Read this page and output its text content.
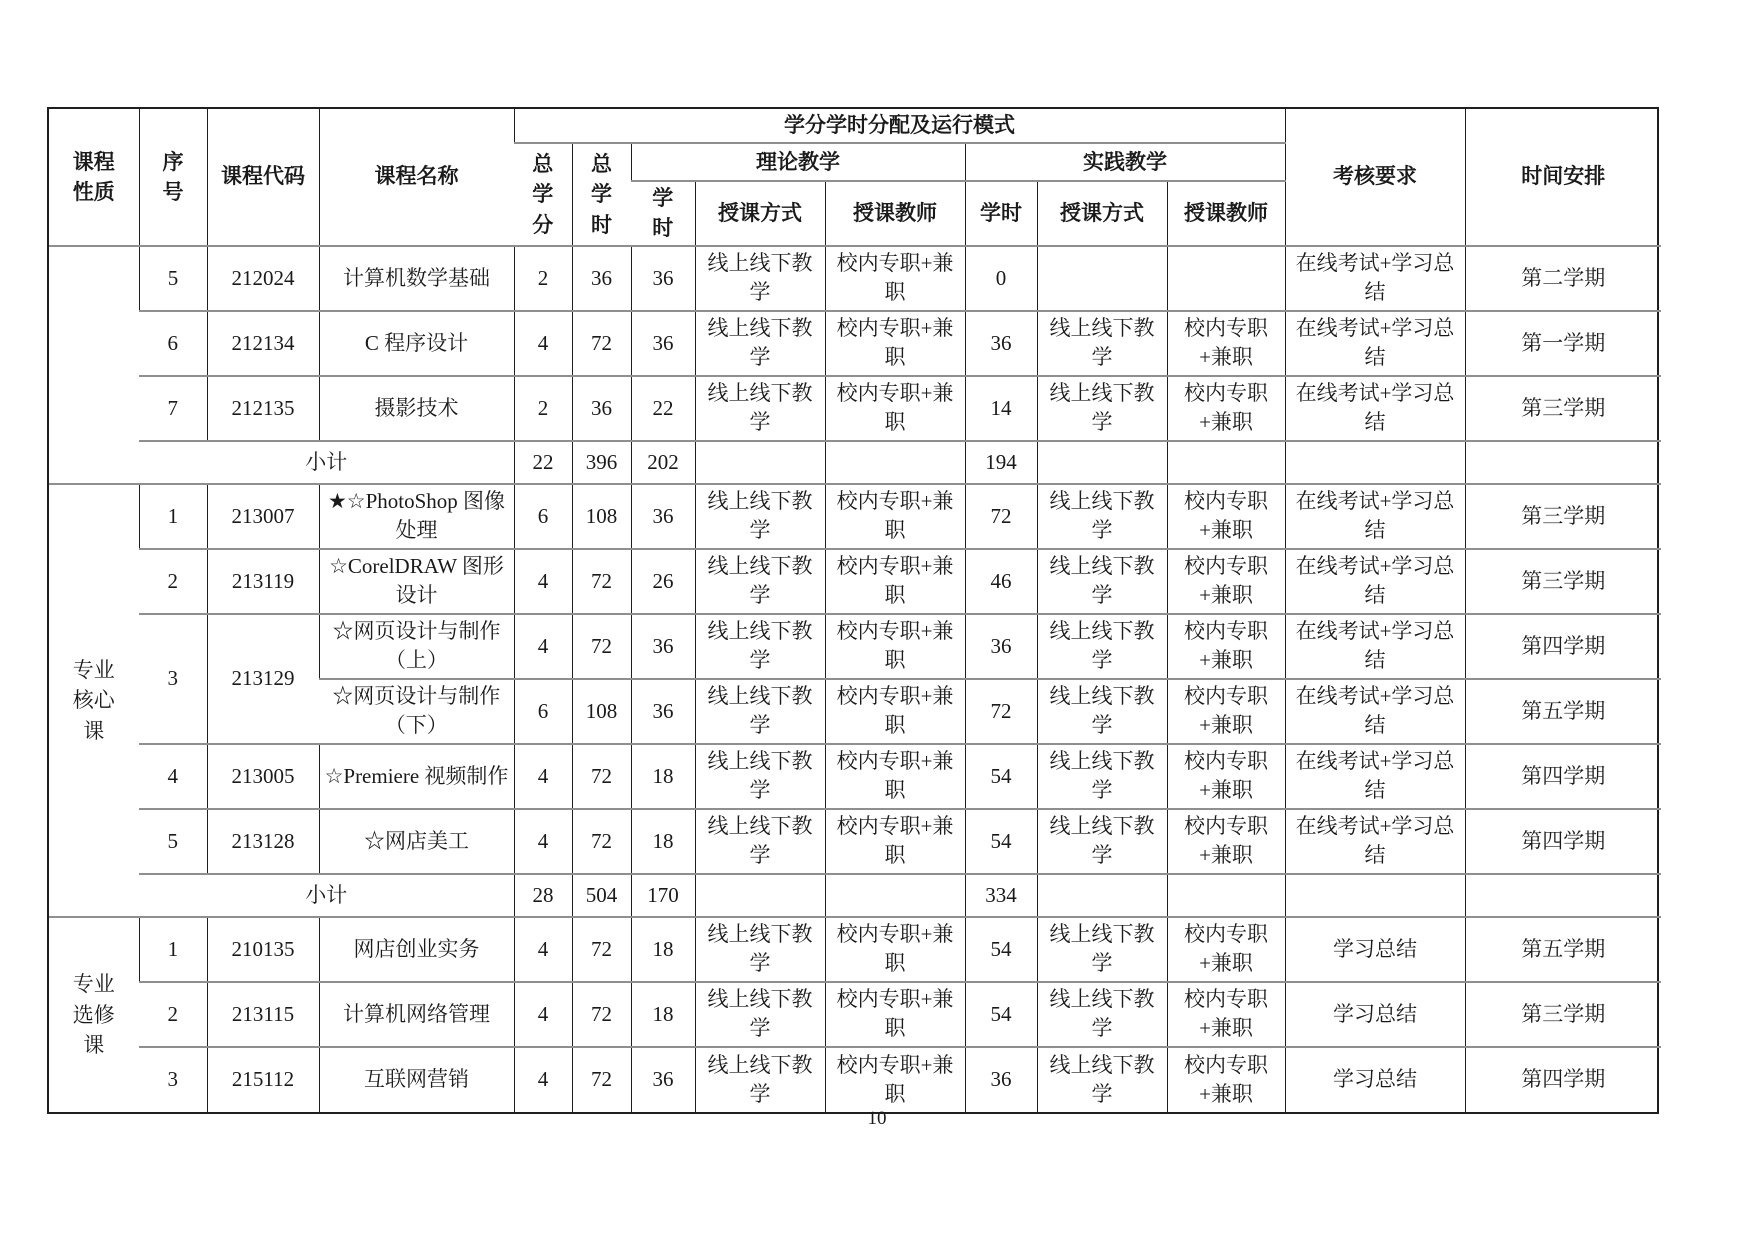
课程性质	序号	课程代码	课程名称	学分学时分配及运行模式								考核要求	时间安排
				总学分	总学时	理论教学			实践教学				
						学时	授课方式	授课教师	学时	授课方式	授课教师		
	5	212024	计算机数学基础	2	36	36	线上线下教学	校内专职+兼职	0			在线考试+学习总结	第二学期
	6	212134	C 程序设计	4	72	36	线上线下教学	校内专职+兼职	36	线上线下教学	校内专职+兼职	在线考试+学习总结	第一学期
	7	212135	摄影技术	2	36	22	线上线下教学	校内专职+兼职	14	线上线下教学	校内专职+兼职	在线考试+学习总结	第三学期
	小计			22	396	202			194				
专业核心课	1	213007	★☆PhotoShop 图像处理	6	108	36	线上线下教学	校内专职+兼职	72	线上线下教学	校内专职+兼职	在线考试+学习总结	第三学期
	2	213119	☆CorelDRAW 图形设计	4	72	26	线上线下教学	校内专职+兼职	46	线上线下教学	校内专职+兼职	在线考试+学习总结	第三学期
	3	213129	☆网页设计与制作（上）	4	72	36	线上线下教学	校内专职+兼职	36	线上线下教学	校内专职+兼职	在线考试+学习总结	第四学期
			☆网页设计与制作（下）	6	108	36	线上线下教学	校内专职+兼职	72	线上线下教学	校内专职+兼职	在线考试+学习总结	第五学期
	4	213005	☆Premiere 视频制作	4	72	18	线上线下教学	校内专职+兼职	54	线上线下教学	校内专职+兼职	在线考试+学习总结	第四学期
	5	213128	☆网店美工	4	72	18	线上线下教学	校内专职+兼职	54	线上线下教学	校内专职+兼职	在线考试+学习总结	第四学期
	小计			28	504	170			334				
专业选修课	1	210135	网店创业实务	4	72	18	线上线下教学	校内专职+兼职	54	线上线下教学	校内专职+兼职	学习总结	第五学期
	2	213115	计算机网络管理	4	72	18	线上线下教学	校内专职+兼职	54	线上线下教学	校内专职+兼职	学习总结	第三学期
	3	215112	互联网营销	4	72	36	线上线下教学	校内专职+兼职	36	线上线下教学	校内专职+兼职	学习总结	第四学期
10
